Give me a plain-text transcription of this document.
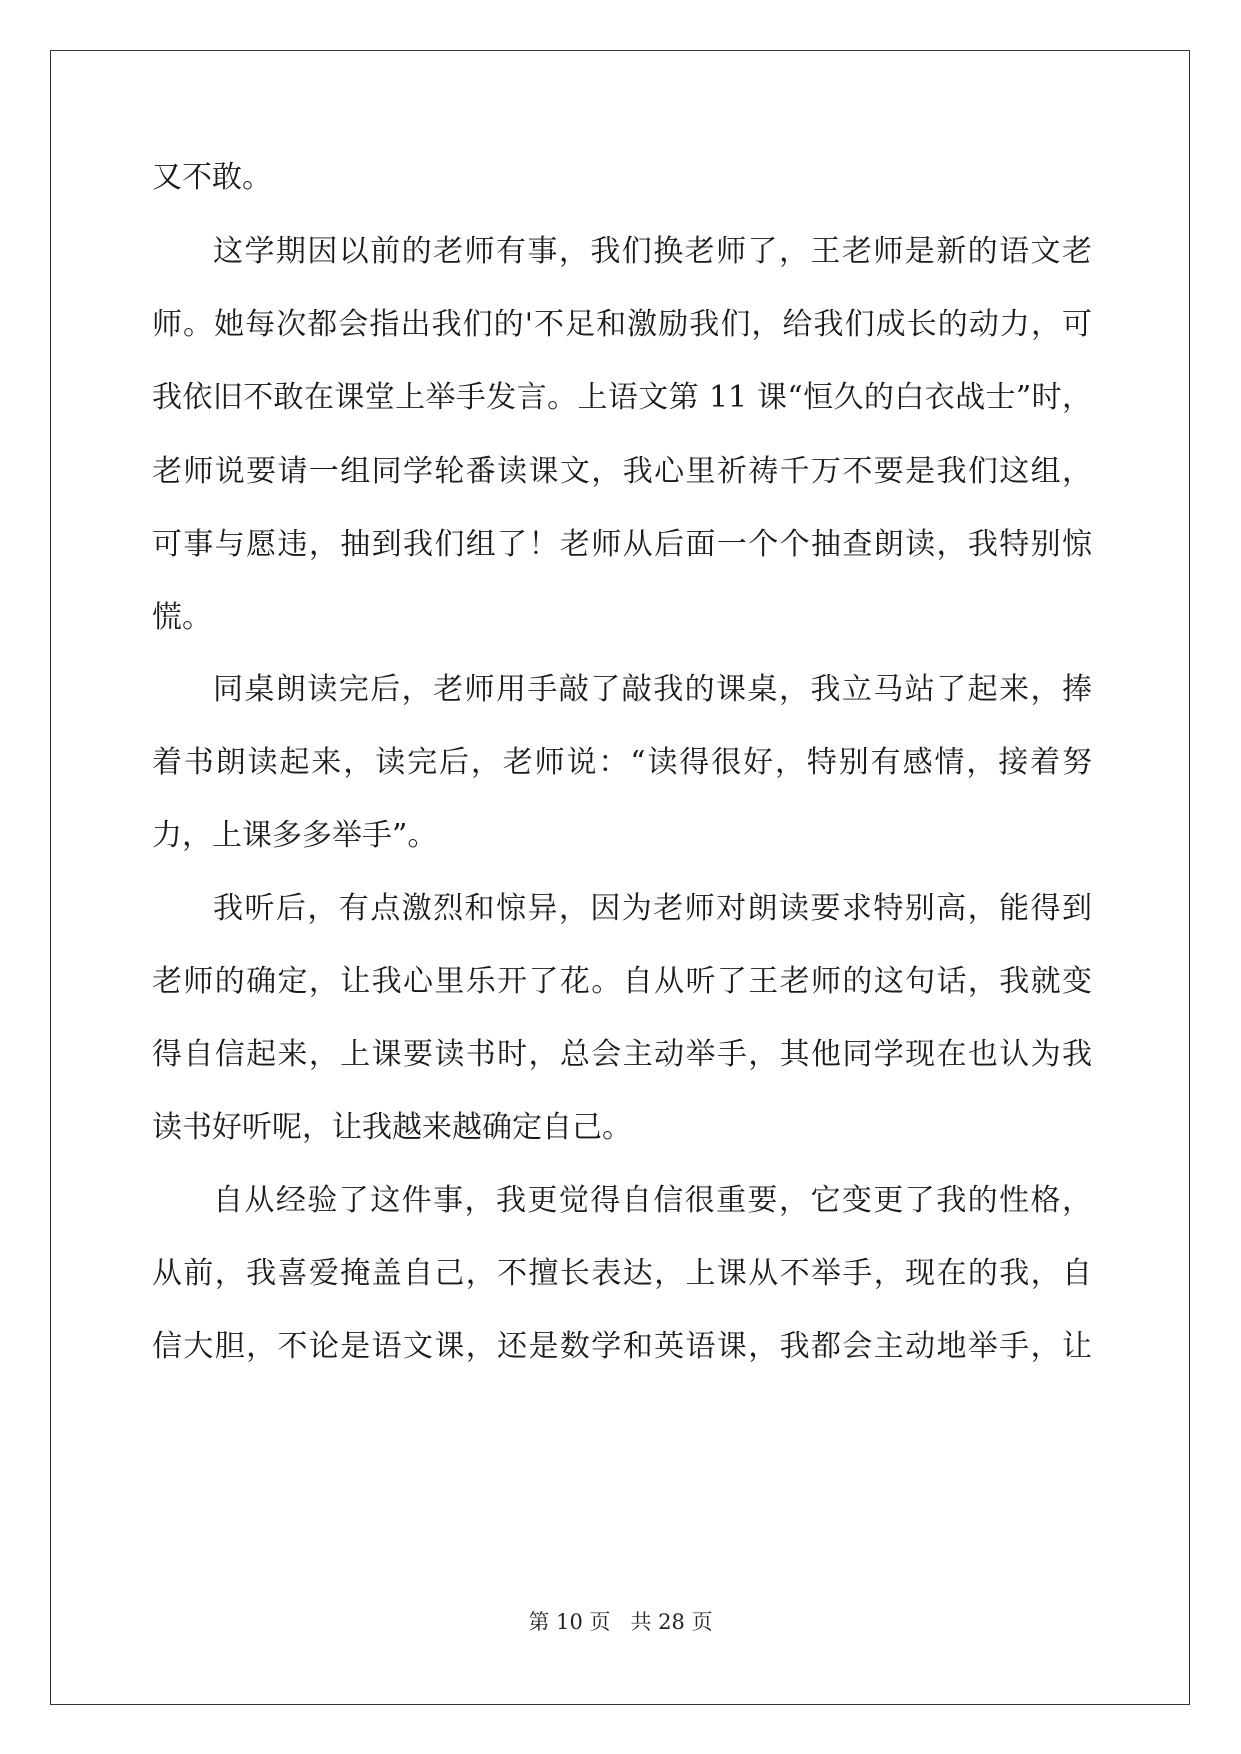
又不敢。
这学期因以前的老师有事，我们换老师了，王老师是新的语文老
师。她每次都会指出我们的'不足和激励我们，给我们成长的动力，可
我依旧不敢在课堂上举手发言。上语文第 11 课“恒久的白衣战士”时，
老师说要请一组同学轮番读课文，我心里祈祷千万不要是我们这组，
可事与愿违，抽到我们组了！老师从后面一个个抽查朗读，我特别惊
慌。
同桌朗读完后，老师用手敲了敲我的课桌，我立马站了起来，捧
着书朗读起来，读完后，老师说：“读得很好，特别有感情，接着努
力，上课多多举手”。
我听后，有点激烈和惊异，因为老师对朗读要求特别高，能得到
老师的确定，让我心里乐开了花。自从听了王老师的这句话，我就变
得自信起来，上课要读书时，总会主动举手，其他同学现在也认为我
读书好听呢，让我越来越确定自己。
自从经验了这件事，我更觉得自信很重要，它变更了我的性格，
从前，我喜爱掩盖自己，不擅长表达，上课从不举手，现在的我，自
信大胆，不论是语文课，还是数学和英语课，我都会主动地举手，让
第 10 页 共 28 页
